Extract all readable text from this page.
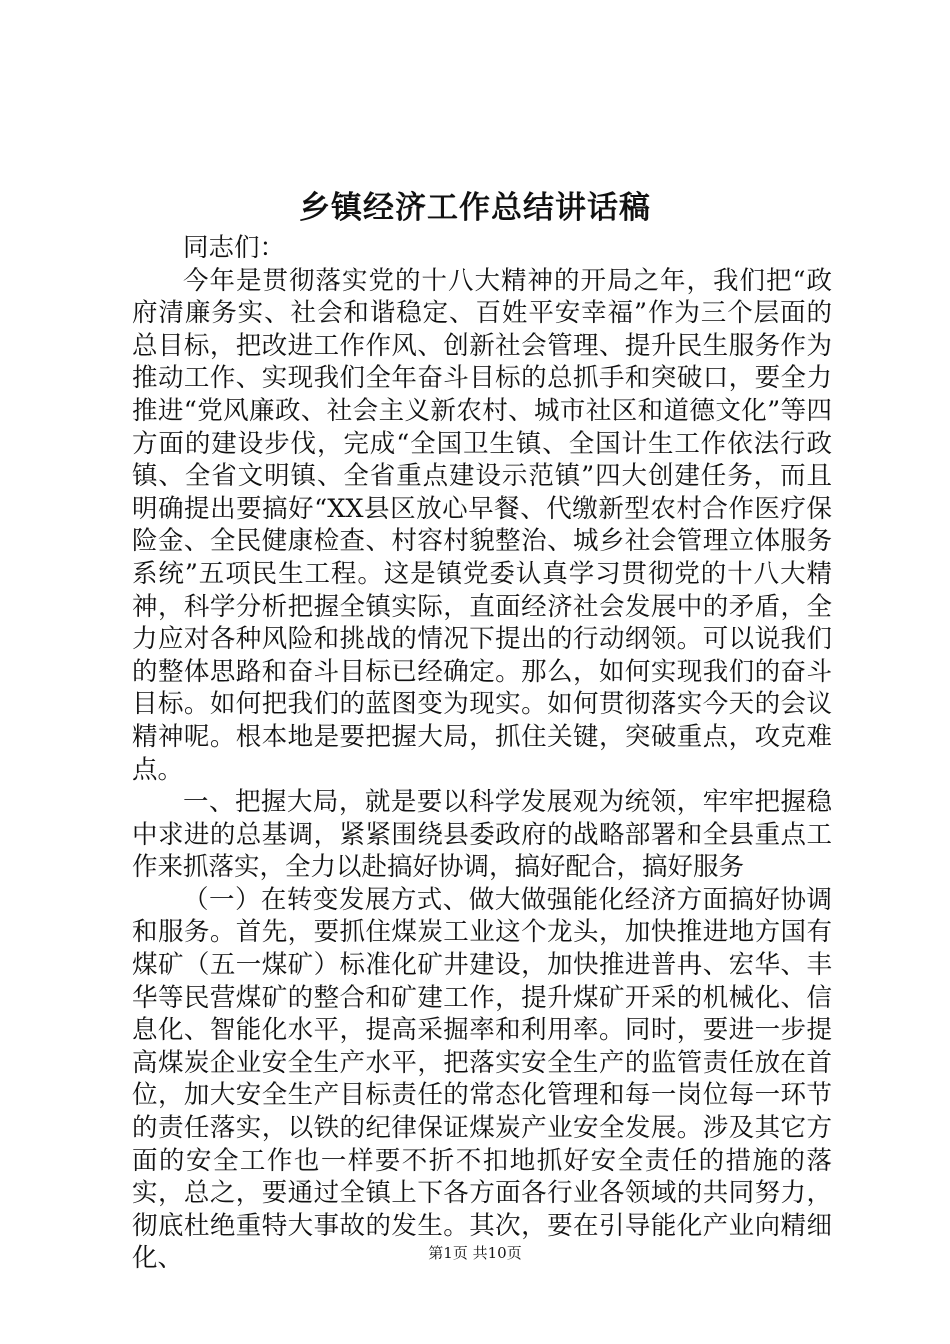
乡镇经济工作总结讲话稿

同志们：

今年是贯彻落实党的十八大精神的开局之年，我们把“政府清廉务实、社会和谐稳定、百姓平安幸福”作为三个层面的总目标，把改进工作作风、创新社会管理、提升民生服务作为推动工作、实现我们全年奋斗目标的总抓手和突破口，要全力推进“党风廉政、社会主义新农村、城市社区和道德文化”等四方面的建设步伐，完成“全国卫生镇、全国计生工作依法行政镇、全省文明镇、全省重点建设示范镇”四大创建任务，而且明确提出要搞好“XX县区放心早餐、代缴新型农村合作医疗保险金、全民健康检查、村容村貌整治、城乡社会管理立体服务系统”五项民生工程。这是镇党委认真学习贯彻党的十八大精神，科学分析把握全镇实际，直面经济社会发展中的矛盾，全力应对各种风险和挑战的情况下提出的行动纲领。可以说我们的整体思路和奋斗目标已经确定。那么，如何实现我们的奋斗目标。如何把我们的蓝图变为现实。如何贯彻落实今天的会议精神呢。根本地是要把握大局，抓住关键，突破重点，攻克难点。

一、把握大局，就是要以科学发展观为统领，牢牢把握稳中求进的总基调，紧紧围绕县委政府的战略部署和全县重点工作来抓落实，全力以赴搞好协调，搞好配合，搞好服务

（一）在转变发展方式、做大做强能化经济方面搞好协调和服务。首先，要抓住煤炭工业这个龙头，加快推进地方国有煤矿（五一煤矿）标准化矿井建设，加快推进普冉、宏华、丰华等民营煤矿的整合和矿建工作，提升煤矿开采的机械化、信息化、智能化水平，提高采掘率和利用率。同时，要进一步提高煤炭企业安全生产水平，把落实安全生产的监管责任放在首位，加大安全生产目标责任的常态化管理和每一岗位每一环节的责任落实，以铁的纪律保证煤炭产业安全发展。涉及其它方面的安全工作也一样要不折不扣地抓好安全责任的措施的落实，总之，要通过全镇上下各方面各行业各领域的共同努力，彻底杜绝重特大事故的发生。其次，要在引导能化产业向精细化、	第1页 共10页
